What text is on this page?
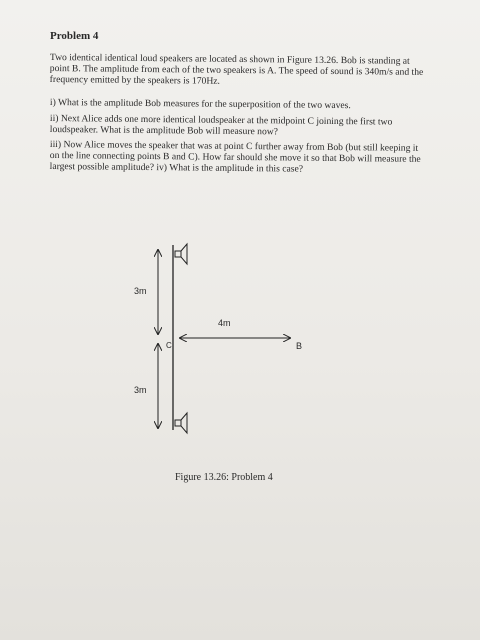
Problem 4
Two identical identical loud speakers are located as shown in Figure 13.26. Bob is standing at point B. The amplitude from each of the two speakers is A. The speed of sound is 340m/s and the frequency emitted by the speakers is 170Hz.
i) What is the amplitude Bob measures for the superposition of the two waves.
ii) Next Alice adds one more identical loudspeaker at the midpoint C joining the first two loudspeaker. What is the amplitude Bob will measure now?
iii) Now Alice moves the speaker that was at point C further away from Bob (but still keeping it on the line connecting points B and C). How far should she move it so that Bob will measure the largest possible amplitude? iv) What is the amplitude in this case?
3m
3m
4m
C	B
Figure 13.26: Problem 4
